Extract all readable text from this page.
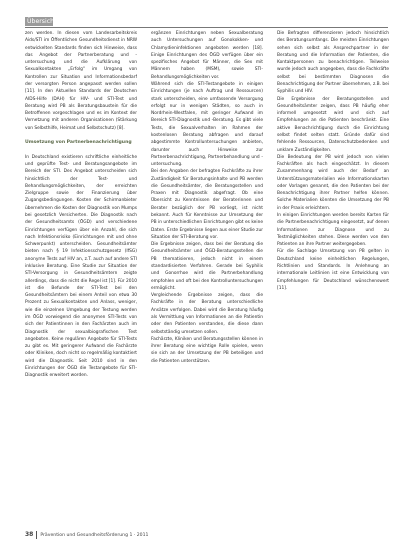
Übersicht

zen werden. In diesen vom Landesarbeitskreis Aids/STI im Öffentlichen Gesundheitsdienst in NRW entwickelten Standards finden sich Hinweise, dass das Angebot der Partnerberatung und -untersuchung und die Aufklärung von Sexualkontakten „Erfolg“ im Umgang von Kontrollen zur Situation und Informationsbedarf der versorgten Person angepasst werden sollen [11]. In den Aktuellen Standards der Deutschen AIDS-Hilfe (DAH) für HIV- und STI-Test und Beratung wird PB als Beratungsbaustein für die Betroffenen vorgeschlagen und es im Kontext der Vernetzung mit anderen Organisationen (Stärkung von Selbsthilfe, Heimat und Selbstschutz) [8].

Umsetzung von Partnerbenachrichtigung

In Deutschland existieren schriftliche einheitliche und geprüfte Test- und Beratungsangebote im Bereich der STI. Des Angebot unterscheiden sich hinsichtlich der Test- und Behandlungsmöglichkeiten, der erreichten Zielgruppe sowie der Finanzierung über Zugangsbedingungen. Kosten der Schirmanbieter übernehmen die Kosten der Diagnostik von Mumps bei gesetzlich Versicherten. Die Diagnostik nach der Gesundheitsamts (ÖGD) und verschiedene Einrichtungen verfügen über ein Anzahl, die sich nach Infektionsrisiko (Einrichtungen mit und ohne Schwerpunkt) unterscheiden. Gesundheitsämter bieten nach § 19 Infektionsschutzgesetz (IfSG) anonyme Tests auf HIV an, z.T. auch auf andere STI inklusive Beratung. Eine Studie zur Situation der STI-Versorgung in Gesundheitsämtern zeigte allerdings, dass die nicht die Regel ist [1]. Für 2010 ist die Befunde der STI-Test bei den Gesundheitsämtern bei einem Anteil von etwa 30 Prozent zu Sexualkontakten und Anlass, weniger, wie die einzelnen Umgebung der Testung werden im ÖGD vorwiegend die anonymen STI-Tests von sich der Patientinnen in den Fachärzten auch im Diagnostik der sexualbiografischen Test angeboten. Keine regulären Angebote für STI-Tests zu gibt es. Mit geringerer Aufwand die Fachärzte oder Kliniken, doch nicht so regelmäßig kontaktiert wird die Diagnostik. Seit 2010 sind in den Einrichtungen der ÖGD die Testangebote für STI-Diagnostik erweitert worden.

ergänzen Einrichtungen neben Sexualberatung auch Untersuchungen auf Gonokokken- und Chlamydieninfektionen angeboten werden [18]. Einige Einrichtungen des ÖGD verfügen über ein spezifisches Angebot für Männer, die Sex mit Männern haben (MSM), sowie STI-Behandlungsmöglichkeiten vor.

Während sich die STI-Testangebote in einigen Einrichtungen (je nach Auftrag und Ressourcen) stark unterscheiden, eine umfassende Versorgung erfolgt nur in wenigen Städten, so auch in Nordrhein-Westfalen, mit geringer Aufwand im Bereich STI-Diagnostik und -Beratung. Es gibt viele Tests, die Sexualverhalten im Rahmen der kostenlosen Beratung abfragen und darauf abgestimmte Kontrolluntersuchungen anbieten, darunter auch Hinweise zur Partnerbenachrichtigung, Partnerbehandlung und -untersuchung.

Bei den Angaben der befragten Fachkräfte zu ihrer Zuständigkeit für Beratungsinhalte und PB werden die Gesundheitsämter, die Beratungsstellen und Praxen mit Diagnostik abgefragt. Ob eine Übersicht zu Kenntnissen der Beraterinnen und Berater bezüglich der PB vorliegt, ist nicht bekannt. Auch für Kenntnisse zur Umsetzung der PB in unterschiedlichen Einrichtungen gibt es keine Daten. Erste Ergebnisse liegen aus einer Studie zur Situation der STI-Beratung vor.

Die Ergebnisse zeigen, dass bei der Beratung die Gesundheitsämter und ÖGD-Beratungsstellen die PB thematisieren, jedoch nicht in einem standardisierten Verfahren. Gerade bei Syphilis und Gonorrhoe wird die Partnerbehandlung empfohlen und oft bei den Kontrolluntersuchungen ermöglicht.

Vergleichende Ergebnisse zeigen, dass die Fachkräfte in der Beratung unterschiedliche Ansätze verfolgen. Dabei wird die Beratung häufig als Vermittlung von Informationen an die Patientin oder den Patienten verstanden, die diese dann selbstständig umsetzen sollen.

Fachärzte, Kliniken und Beratungsstellen können in ihrer Beratung eine wichtige Rolle spielen, wenn sie sich an der Umsetzung der PB beteiligen und die Patienten unterstützen.

Die Befragten differenzieren jedoch hinsichtlich des Beratungsumfangs. Die meisten Einrichtungen sehen sich selbst als Ansprechpartner in der Beratung und die Information der Patienten, die Kontaktpersonen zu benachrichtigen. Teilweise wurde jedoch auch angegeben, dass die Fachkräfte selbst bei bestimmten Diagnosen die Benachrichtigung der Partner übernehmen, z.B. bei Syphilis und HIV.

Die Ergebnisse der Beratungsstellen und Gesundheitsämter zeigen, dass PB häufig eher informell umgesetzt wird und sich auf Empfehlungen an die Patienten beschränkt. Eine aktive Benachrichtigung durch die Einrichtung selbst findet selten statt. Gründe dafür sind fehlende Ressourcen, Datenschutzbedenken und unklare Zuständigkeiten.

Die Bedeutung der PB wird jedoch von vielen Fachkräften als hoch eingeschätzt. In diesem Zusammenhang wird auch der Bedarf an Unterstützungsmaterialien wie Informationskarten oder Vorlagen genannt, die den Patienten bei der Benachrichtigung ihrer Partner helfen können. Solche Materialien könnten die Umsetzung der PB in der Praxis erleichtern.

In einigen Einrichtungen werden bereits Karten für die Partnerbenachrichtigung eingesetzt, auf denen Informationen zur Diagnose und zu Testmöglichkeiten stehen. Diese werden von den Patienten an ihre Partner weitergegeben.

Für die Sachlage Umsetzung von PB gelten in Deutschland keine einheitlichen Regelungen, Richtlinien und Standards. In Anlehnung an internationale Leitlinien ist eine Entwicklung von Empfehlungen für Deutschland wünschenswert [11].

38 Prävention und Gesundheitsförderung 1 · 2011
